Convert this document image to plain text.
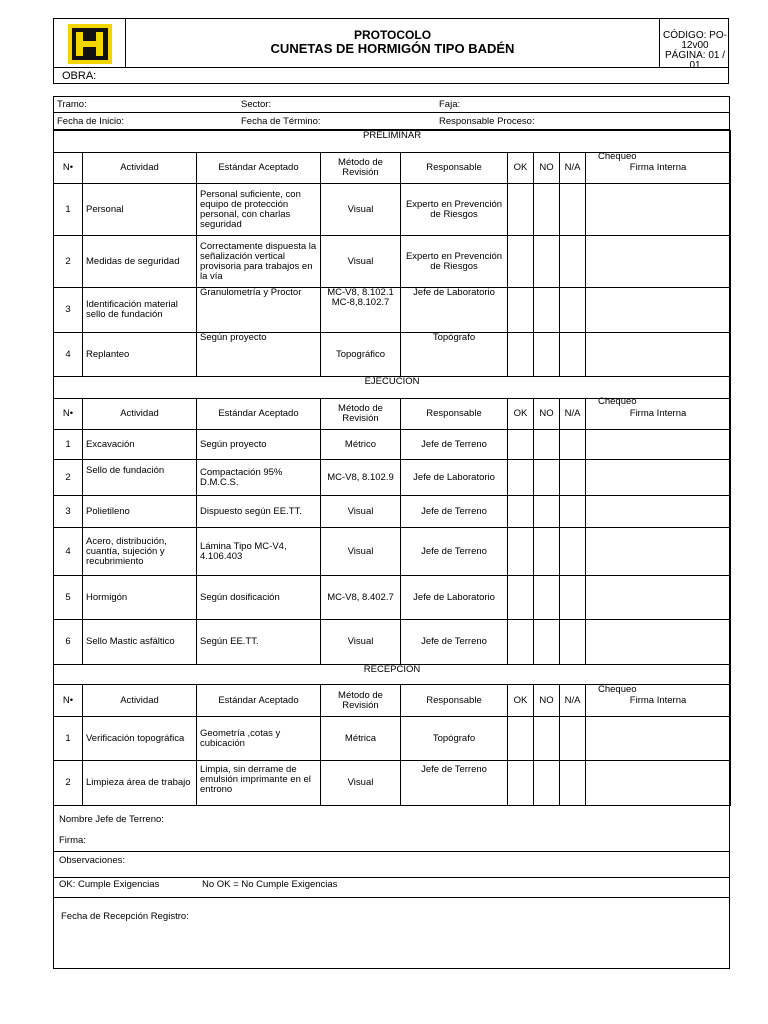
PROTOCOLO
CUNETAS DE HORMIGÓN TIPO BADÉN
CÓDIGO: PO-12v00
PÁGINA: 01 / 01
OBRA:
Tramo:	Sector:	Faja:
Fecha de Inicio:	Fecha de Término:	Responsable Proceso:
PRELIMINAR								
N•	Actividad	Estándar Aceptado	Método de Revisión	Responsable	OK	NO	N/A	Firma Interna
1	Personal	Personal suficiente, con equipo de protección personal, con charlas seguridad	Visual	Experto en Prevención de Riesgos				
2	Medidas de seguridad	Correctamente dispuesta la señalización vertical provisoria para trabajos en la vía	Visual	Experto en Prevención de Riesgos				
3	Identificación material sello de fundación	Granulometría y Proctor	MC-V8, 8.102.1 MC-8,8.102.7	Jefe de Laboratorio				
4	Replanteo	Según proyecto	Topográfico	Topógrafo				
Chequeo
EJECUCION								
N•	Actividad	Estándar Aceptado	Método de Revisión	Responsable	OK	NO	N/A	Firma Interna
1	Excavación	Según proyecto	Métrico	Jefe de Terreno				
2	Sello de fundación	Compactación 95% D.M.C.S.	MC-V8, 8.102.9	Jefe de Laboratorio				
3	Polietileno	Dispuesto según EE.TT.	Visual	Jefe de Terreno				
4	Acero, distribución, cuantía, sujeción y recubrimiento	Lámina Tipo MC-V4, 4.106.403	Visual	Jefe de Terreno				
5	Hormigón	Según dosificación	MC-V8, 8.402.7	Jefe de Laboratorio				
6	Sello Mastic asfáltico	Según EE.TT.	Visual	Jefe de Terreno				
Chequeo
RECEPCION								
N•	Actividad	Estándar Aceptado	Método de Revisión	Responsable	OK	NO	N/A	Firma Interna
1	Verificación topográfica	Geometría ,cotas y cubicación	Métrica	Topógrafo				
2	Limpieza área de trabajo	Limpia, sin derrame de emulsión imprimante en el entrono	Visual	Jefe de Terreno				
Chequeo
Nombre Jefe de Terreno:
Firma:
Observaciones:
OK: Cumple Exigencias	No OK = No Cumple Exigencias
Fecha de Recepción Registro:
